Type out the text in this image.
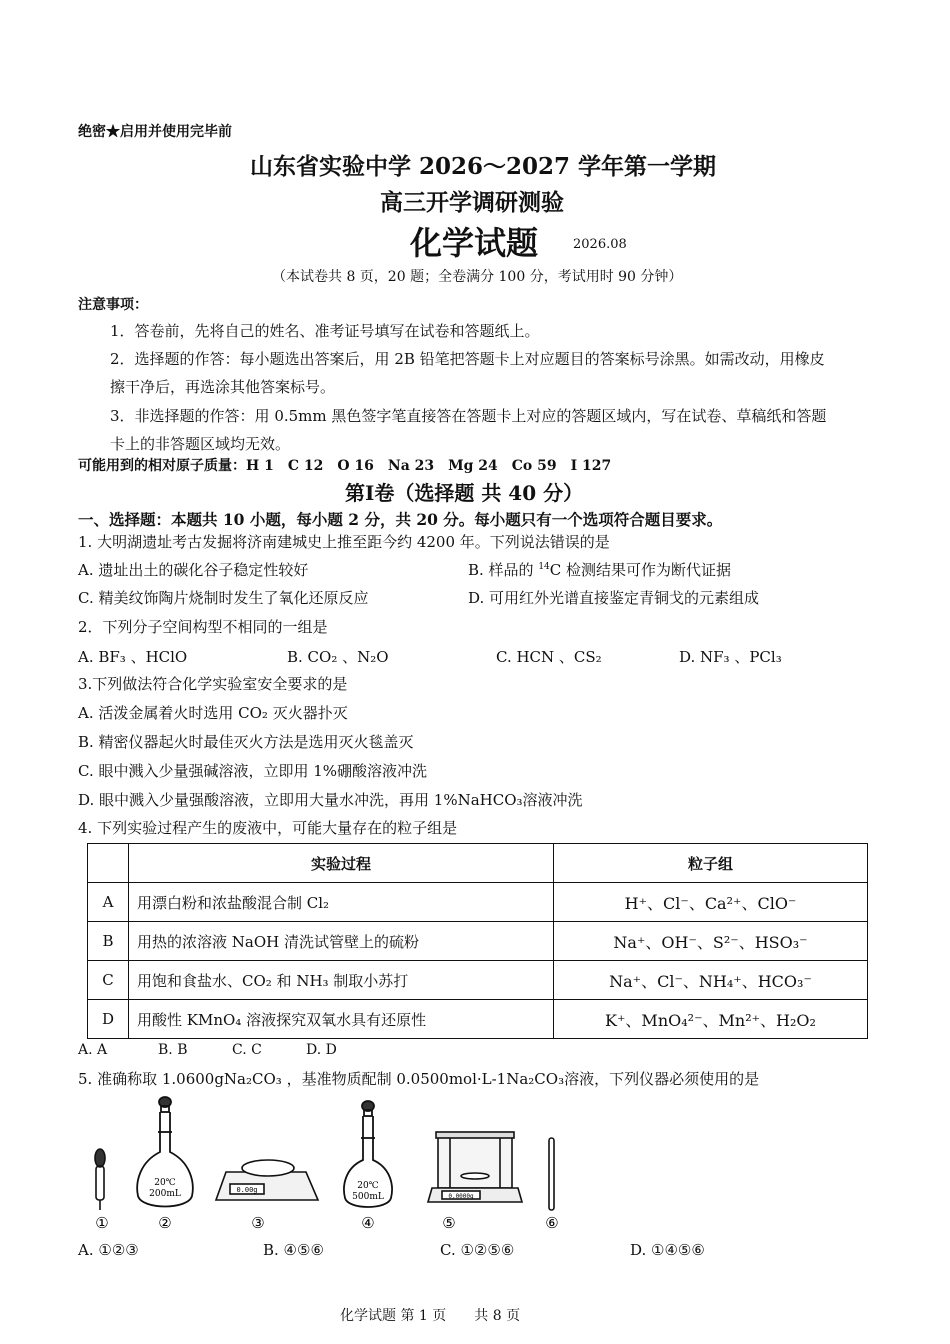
绝密★启用并使用完毕前
山东省实验中学 2026～2027 学年第一学期
高三开学调研测验
化学试题	2026.08
（本试卷共 8 页，20 题；全卷满分 100 分，考试用时 90 分钟）
注意事项：
1．答卷前，先将自己的姓名、准考证号填写在试卷和答题纸上。
2．选择题的作答：每小题选出答案后，用 2B 铅笔把答题卡上对应题目的答案标号涂黑。如需改动，用橡皮
擦干净后，再选涂其他答案标号。
3．非选择题的作答：用 0.5mm 黑色签字笔直接答在答题卡上对应的答题区域内，写在试卷、草稿纸和答题
卡上的非答题区域均无效。
可能用到的相对原子质量：H 1　C 12　O 16　Na 23　Mg 24　Co 59　I 127
第Ⅰ卷（选择题 共 40 分）
一、选择题：本题共 10 小题，每小题 2 分，共 20 分。每小题只有一个选项符合题目要求。
1. 大明湖遗址考古发掘将济南建城史上推至距今约 4200 年。下列说法错误的是
A. 遗址出土的碳化谷子稳定性较好	B. 样品的 $^{14}$C 检测结果可作为断代证据
C. 精美纹饰陶片烧制时发生了氧化还原反应	D. 可用红外光谱直接鉴定青铜戈的元素组成
2．下列分子空间构型不相同的一组是
A. BF₃ 、HClO	B. CO₂ 、N₂O	C. HCN 、CS₂	D. NF₃ 、PCl₃
3.下列做法符合化学实验室安全要求的是
A. 活泼金属着火时选用 CO₂ 灭火器扑灭
B. 精密仪器起火时最佳灭火方法是选用灭火毯盖灭
C. 眼中溅入少量强碱溶液，立即用 1%硼酸溶液冲洗
D. 眼中溅入少量强酸溶液，立即用大量水冲洗，再用 1%NaHCO₃溶液冲洗
4. 下列实验过程产生的废液中，可能大量存在的粒子组是
	实验过程	粒子组
A	用漂白粉和浓盐酸混合制 Cl₂	H⁺、Cl⁻、Ca²⁺、ClO⁻
B	用热的浓溶液 NaOH 清洗试管壁上的硫粉	Na⁺、OH⁻、S²⁻、HSO₃⁻
C	用饱和食盐水、CO₂ 和 NH₃ 制取小苏打	Na⁺、Cl⁻、NH₄⁺、HCO₃⁻
D	用酸性 KMnO₄ 溶液探究双氧水具有还原性	K⁺、MnO₄²⁻、Mn²⁺、H₂O₂
A. A	B. B	C. C	D. D
5. 准确称取 1.0600gNa₂CO₃ ，基准物质配制 0.0500mol·L-1Na₂CO₃溶液，下列仪器必须使用的是
20℃
200mL	0.00g	20℃
500mL	0.0000g
①	②	③	④	⑤	⑥
A. ①②③	B. ④⑤⑥	C. ①②⑤⑥	D. ①④⑤⑥
化学试题 第 1 页　　共 8 页
